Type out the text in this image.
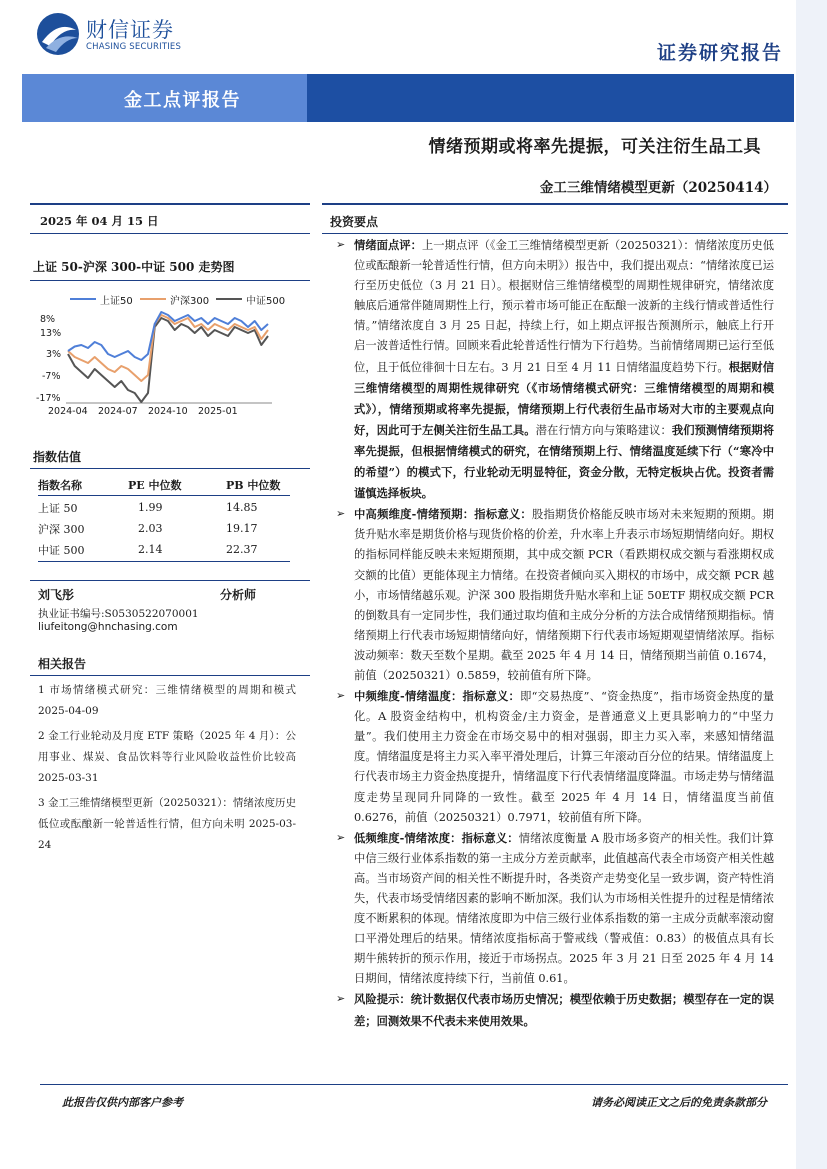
财信证券
CHASING SECURITIES	证券研究报告
金工点评报告
情绪预期或将率先提振，可关注衍生品工具
金工三维情绪模型更新（20250414）
2025 年 04 月 15 日
上证 50-沪深 300-中证 500 走势图
上证50	沪深300	中证500
13%
3%
-7%
-17%
8%
2024-04 2024-07 2024-10 2025-01
指数估值
指数名称	PE 中位数	PB 中位数
上证 50	1.99	14.85
沪深 300	2.03	19.17
中证 500	2.14	22.37
刘飞彤	分析师
执业证书编号:S0530522070001
liufeitong@hnchasing.com
相关报告
1 市场情绪模式研究：三维情绪模型的周期和模式 2025-04-09
2 金工行业轮动及月度 ETF 策略（2025 年 4 月）：公用事业、煤炭、食品饮料等行业风险收益性价比较高 2025-03-31
3 金工三维情绪模型更新（20250321）：情绪浓度历史低位或酝酿新一轮普适性行情，但方向未明 2025-03-24
投资要点

➢ 情绪面点评：上一期点评（《金工三维情绪模型更新（20250321）：情绪浓度历史低位或酝酿新一轮普适性行情，但方向未明》）报告中，我们提出观点：“情绪浓度已运行至历史低位（3 月 21 日）。根据财信三维情绪模型的周期性规律研究，情绪浓度触底后通常伴随周期性上行，预示着市场可能正在酝酿一波新的主线行情或普适性行情。”情绪浓度自 3 月 25 日起，持续上行，如上期点评报告预测所示，触底上行开启一波普适性行情。回顾来看此轮普适性行情为下行趋势。当前情绪周期已运行至低位，且于低位徘徊十日左右。3 月 21 日至 4 月 11 日情绪温度趋势下行。根据财信三维情绪模型的周期性规律研究（《市场情绪模式研究：三维情绪模型的周期和模式》），情绪预期或将率先提振，情绪预期上行代表衍生品市场对大市的主要观点向好，因此可于左侧关注衍生品工具。潜在行情方向与策略建议：我们预测情绪预期将率先提振，但根据情绪模式的研究，在情绪预期上行、情绪温度延续下行（“寒冷中的希望”）的模式下，行业轮动无明显特征，资金分散，无特定板块占优。投资者需谨慎选择板块。

➢ 中高频维度-情绪预期：指标意义：股指期货价格能反映市场对未来短期的预期。期货升贴水率是期货价格与现货价格的价差，升水率上升表示市场短期情绪向好。期权的指标同样能反映未来短期预期，其中成交额 PCR（看跌期权成交额与看涨期权成交额的比值）更能体现主力情绪。在投资者倾向买入期权的市场中，成交额 PCR 越小，市场情绪越乐观。沪深 300 股指期货升贴水率和上证 50ETF 期权成交额 PCR 的倒数具有一定同步性，我们通过取均值和主成分分析的方法合成情绪预期指标。情绪预期上行代表市场短期情绪向好，情绪预期下行代表市场短期观望情绪浓厚。指标波动频率：数天至数个星期。截至 2025 年 4 月 14 日，情绪预期当前值 0.1674，前值（20250321）0.5859，较前值有所下降。

➢ 中频维度-情绪温度：指标意义：即“交易热度”、“资金热度”，指市场资金热度的量化。A 股资金结构中，机构资金/主力资金，是普通意义上更具影响力的“中坚力量”。我们使用主力资金在市场交易中的相对强弱，即主力买入率，来感知情绪温度。情绪温度是将主力买入率平滑处理后，计算三年滚动百分位的结果。情绪温度上行代表市场主力资金热度提升，情绪温度下行代表情绪温度降温。市场走势与情绪温度走势呈现同升同降的一致性。截至 2025 年 4 月 14 日，情绪温度当前值 0.6276，前值（20250321）0.7971，较前值有所下降。

➢ 低频维度-情绪浓度：指标意义：情绪浓度衡量 A 股市场多资产的相关性。我们计算中信三级行业体系指数的第一主成分方差贡献率，此值越高代表全市场资产相关性越高。当市场资产间的相关性不断提升时，各类资产走势变化呈一致步调，资产特性消失，代表市场受情绪因素的影响不断加深。我们认为市场相关性提升的过程是情绪浓度不断累积的体现。情绪浓度即为中信三级行业体系指数的第一主成分贡献率滚动窗口平滑处理后的结果。情绪浓度指标高于警戒线（警戒值：0.83）的极值点具有长期牛熊转折的预示作用，接近于市场拐点。2025 年 3 月 21 日至 2025 年 4 月 14 日期间，情绪浓度持续下行，当前值 0.61。

➢ 风险提示：统计数据仅代表市场历史情况；模型依赖于历史数据；模型存在一定的误差；回测效果不代表未来使用效果。

此报告仅供内部客户参考	请务必阅读正文之后的免责条款部分
